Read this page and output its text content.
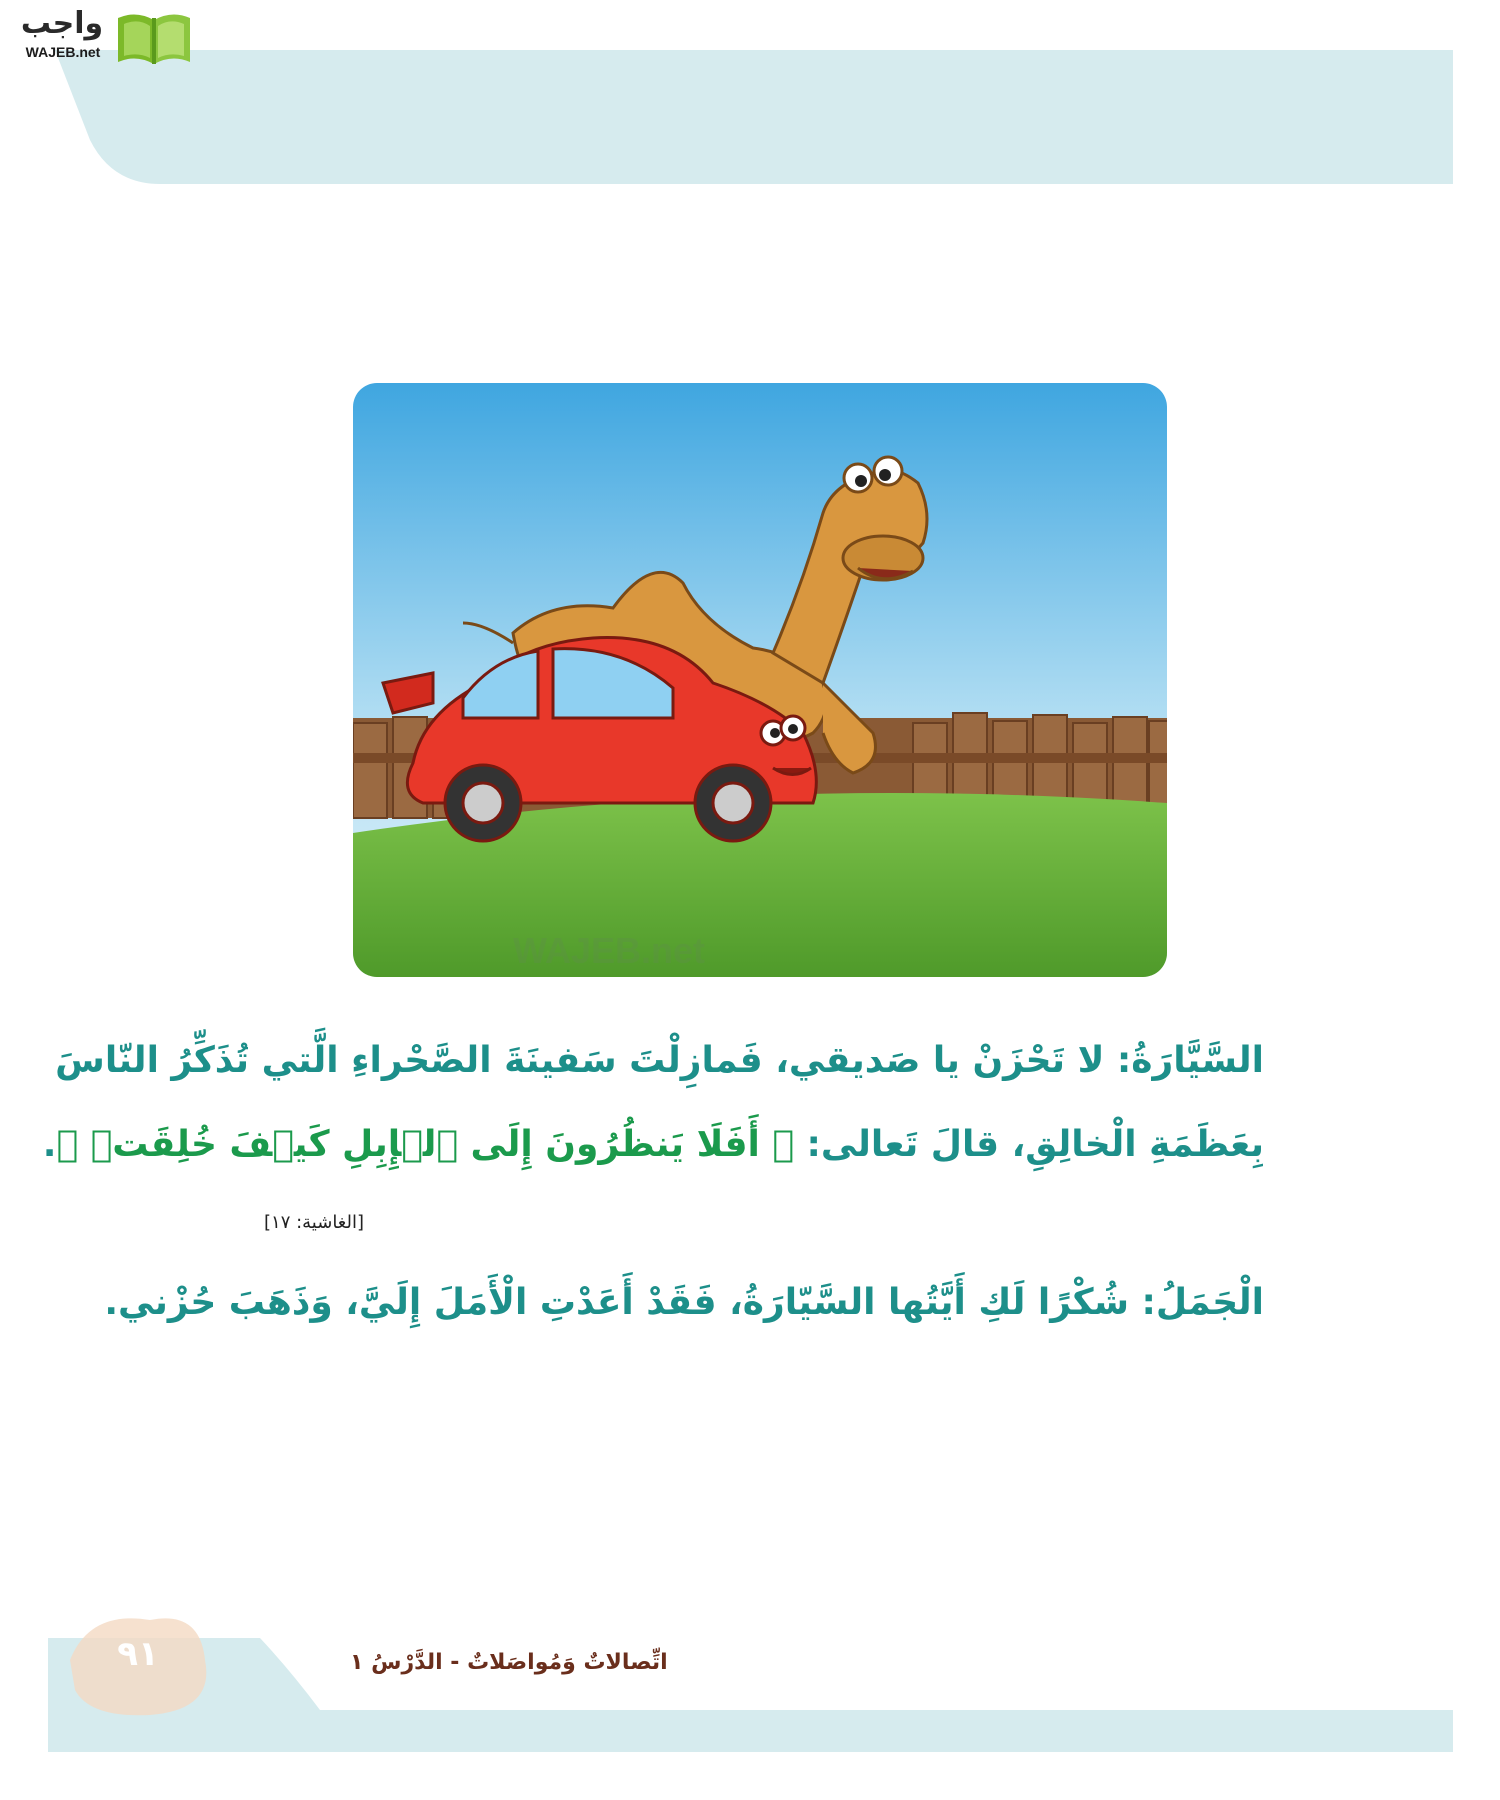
واجب
WAJEB.net
WAJEB.net
السَّيَّارَةُ: لا تَحْزَنْ يا صَديقي، فَمازِلْتَ سَفينَةَ الصَّحْراءِ الَّتي تُذَكِّرُ النّاسَ
بِعَظَمَةِ الْخالِقِ، قالَ تَعالى: ﴿ أَفَلَا يَنظُرُونَ إِلَى ٱلۡإِبِلِ كَيۡفَ خُلِقَتۡ ﴾.
[الغاشية: ١٧]
الْجَمَلُ: شُكْرًا لَكِ أَيَّتُها السَّيّارَةُ، فَقَدْ أَعَدْتِ الْأَمَلَ إِلَيَّ، وَذَهَبَ حُزْني.
اتِّصالاتٌ وَمُواصَلاتٌ - الدَّرْسُ ١
٩١
